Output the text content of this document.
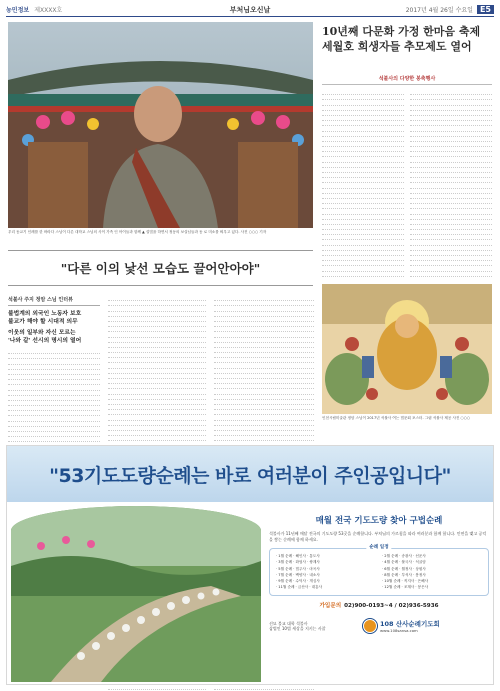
농민정보 제XXXX호	부처님오신날	2017년 4월 26일 수요일 E5
우리 동교기 인례를 한 바라다 스님이 다른 대학교 스님의 사이 가족 인 아이들과 함께 ▲ 설법을 하면서 정동의 보살님들과 동 로 미소를 띄우고 있다. 사진 ○○○ 기자
"다른 이의 낯선 모습도 끌어안아야"
석불사 주지 정암 스님 인터뷰
불법계의 외국인 노동자 보호
불교가 해야 할 시대적 의무
이웃의 일부와 자신 모르는
'나와 같' 선시의 명시의 열어
10년째 다문화 가정 한마음 축제
세월호 희생자들 추모제도 열어
석불사의 다양한 봉축행사
인천시립미술관 정암 스님이 2017년 석불사 여는 법문회 포스터. 그림 석불사 제공 사진 ○○○
"53기도도량순례는 바로 여러분이 주인공입니다"
매월 전국 기도도량 찾아 구법순례
석불사가 11년째 매달 전국의 기도도량 53곳을 순례합니다. 부처님의 가르침을 따라 여러분과 함께 합니다. 인연을 맺고 공덕을 쌓는 순례에 함께 하세요.
순례 일정
· 1월 순례 · 해인사 · 통도사	· 2월 순례 · 송광사 · 선운사
· 3월 순례 · 화엄사 · 쌍계사	· 4월 순례 · 불국사 · 석굴암
· 5월 순례 · 법주사 · 마곡사	· 6월 순례 · 월정사 · 상원사
· 7월 순례 · 백양사 · 내소사	· 8월 순례 · 부석사 · 봉정사
· 9월 순례 · 수덕사 · 개심사	· 10월 순례 · 직지사 · 은해사
· 11월 순례 · 금산사 · 대흥사	· 12월 순례 · 조계사 · 봉은사
가입문의 02)900-0193~4 / 02)936-5936
선묘 불교 대학 석불사
삼법인 10법 세상을 지키는 사찰
108 산사순례기도회
www.108sansa.com
